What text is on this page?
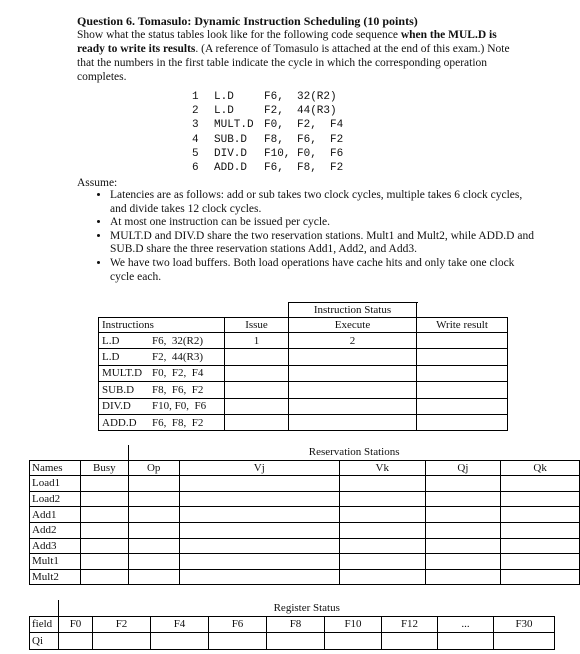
Question 6. Tomasulo: Dynamic Instruction Scheduling (10 points)
Show what the status tables look like for the following code sequence when the MUL.D is ready to write its results. (A reference of Tomasulo is attached at the end of this exam.) Note that the numbers in the first table indicate the cycle in which the corresponding operation completes.
1 L.D	F6,  32(R2)
2 L.D	F2,  44(R3)
3 MULT.D F0,  F2,  F4
4 SUB.D F8,  F6,  F2
5 DIV.D F10, F0,  F6
6 ADD.D F6,  F8,  F2
Assume:
• Latencies are as follows: add or sub takes two clock cycles, multiple takes 6 clock cycles, and divide takes 12 clock cycles.
• At most one instruction can be issued per cycle.
• MULT.D and DIV.D share the two reservation stations. Mult1 and Mult2, while ADD.D and SUB.D share the three reservation stations Add1, Add2, and Add3.
• We have two load buffers. Both load operations have cache hits and only take one clock cycle each.
		Instruction Status	
Instructions	Issue	Execute	Write result
L.D F6,  32(R2)	1	2	
L.D F2,  44(R3)			
MULT.D F0,  F2,  F4			
SUB.D F8,  F6,  F2			
DIV.D F10, F0,  F6			
ADD.D F6,  F8,  F2			
		Reservation Stations				
Names	Busy	Op	Vj	Vk	Qj	Qk
Load1						
Load2						
Add1						
Add2						
Add3						
Mult1						
Mult2						
	Register Status								
field	F0	F2	F4	F6	F8	F10	F12	...	F30
Qi									
